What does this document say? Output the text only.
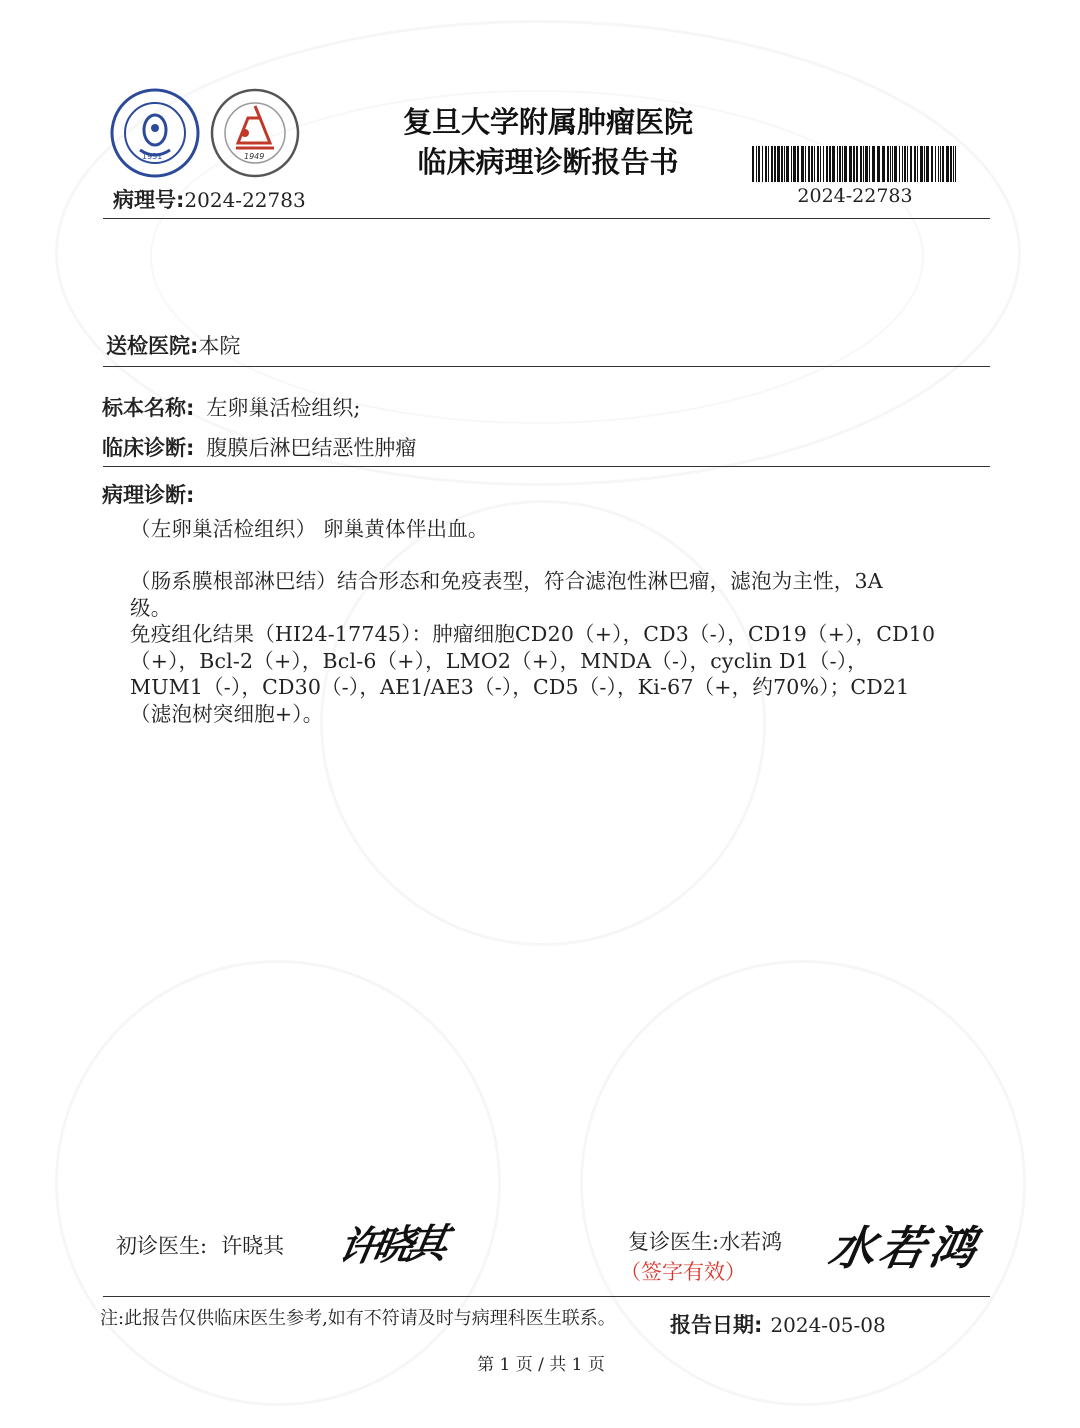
1931	1949
复旦大学附属肿瘤医院
临床病理诊断报告书
2024-22783
病理号:2024-22783
送检医院:本院
标本名称: 左卵巢活检组织;
临床诊断: 腹膜后淋巴结恶性肿瘤
病理诊断:
（左卵巢活检组织） 卵巢黄体伴出血。
（肠系膜根部淋巴结）结合形态和免疫表型，符合滤泡性淋巴瘤，滤泡为主性，3A
级。
免疫组化结果（HI24-17745）：肿瘤细胞CD20（+），CD3（-），CD19（+），CD10
（+），Bcl-2（+），Bcl-6（+），LMO2（+），MNDA（-），cyclin D1（-），
MUM1（-），CD30（-），AE1/AE3（-），CD5（-），Ki-67（+，约70%）；CD21
（滤泡树突细胞+）。
初诊医生: 许晓其 许晓其	复诊医生:水若鸿
（签字有效） 水若鸿
注:此报告仅供临床医生参考,如有不符请及时与病理科医生联系。	报告日期: 2024-05-08
第 1 页 / 共 1 页
